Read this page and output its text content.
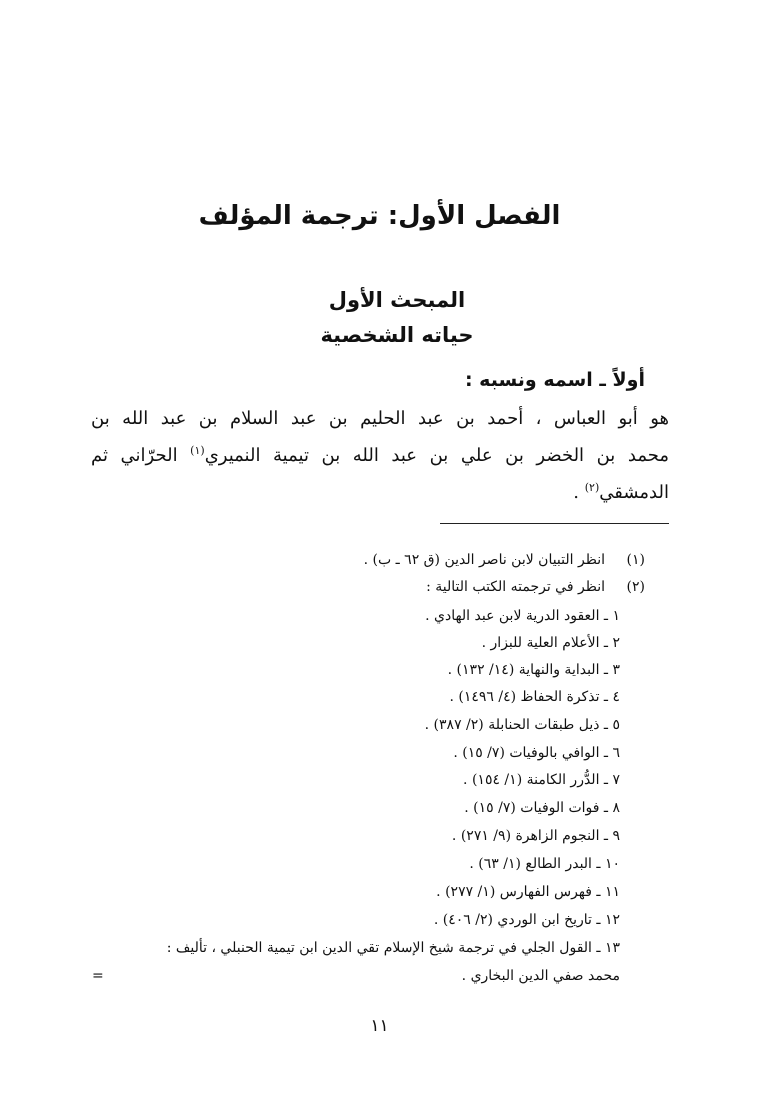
الفصل الأول: ترجمة المؤلف
المبحث الأول
حياته الشخصية
أولاً ـ اسمه ونسبه :
هو أبو العباس ، أحمد بن عبد الحليم بن عبد السلام بن عبد الله بن
محمد بن الخضر بن علي بن عبد الله بن تيمية النميري$^{(١)}$ الحرّاني ثم
الدمشقي$^{(٢)}$ .
(١)انظر التبيان لابن ناصر الدين (ق ٦٢ ـ ب) .
(٢)انظر في ترجمته الكتب التالية :
١ ـ العقود الدرية لابن عبد الهادي .
٢ ـ الأعلام العلية للبزار .
٣ ـ البداية والنهاية (١٤/ ١٣٢) .
٤ ـ تذكرة الحفاظ (٤/ ١٤٩٦) .
٥ ـ ذيل طبقات الحنابلة (٢/ ٣٨٧) .
٦ ـ الوافي بالوفيات (٧/ ١٥) .
٧ ـ الدُّرر الكامنة (١/ ١٥٤) .
٨ ـ فوات الوفيات (٧/ ١٥) .
٩ ـ النجوم الزاهرة (٩/ ٢٧١) .
١٠ ـ البدر الطالع (١/ ٦٣) .
١١ ـ فهرس الفهارس (١/ ٢٧٧) .
١٢ ـ تاريخ ابن الوردي (٢/ ٤٠٦) .
١٣ ـ القول الجلي في ترجمة شيخ الإسلام تقي الدين ابن تيمية الحنبلي ، تأليف :
محمد صفي الدين البخاري .
=
١١
